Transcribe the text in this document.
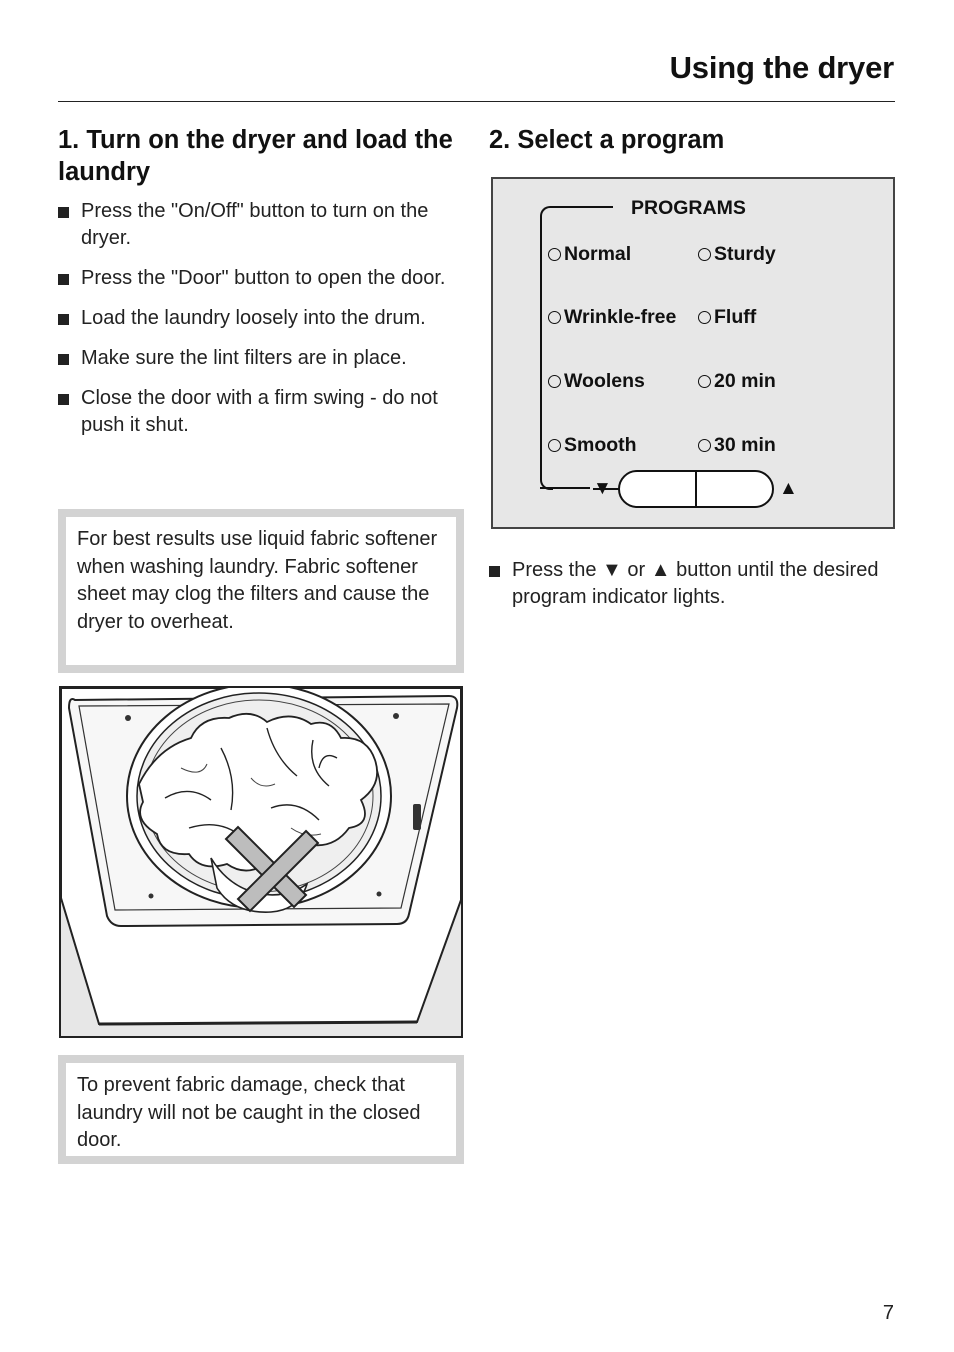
Using the dryer
1. Turn on the dryer and load the laundry
Press the "On/Off" button to turn on the dryer.
Press the "Door" button to open the door.
Load the laundry loosely into the drum.
Make sure the lint filters are in place.
Close the door with a firm swing - do not push it shut.
For best results use liquid fabric softener when washing laundry. Fabric softener sheet may clog the filters and cause the dryer to overheat.
To prevent fabric damage, check that laundry will not be caught in the closed door.
2. Select a program
PROGRAMS
Normal	Sturdy
Wrinkle-free Fluff
Woolens	20 min
Smooth	30 min
▼	▲
Press the ▼ or ▲ button until the desired program indicator lights.
7
